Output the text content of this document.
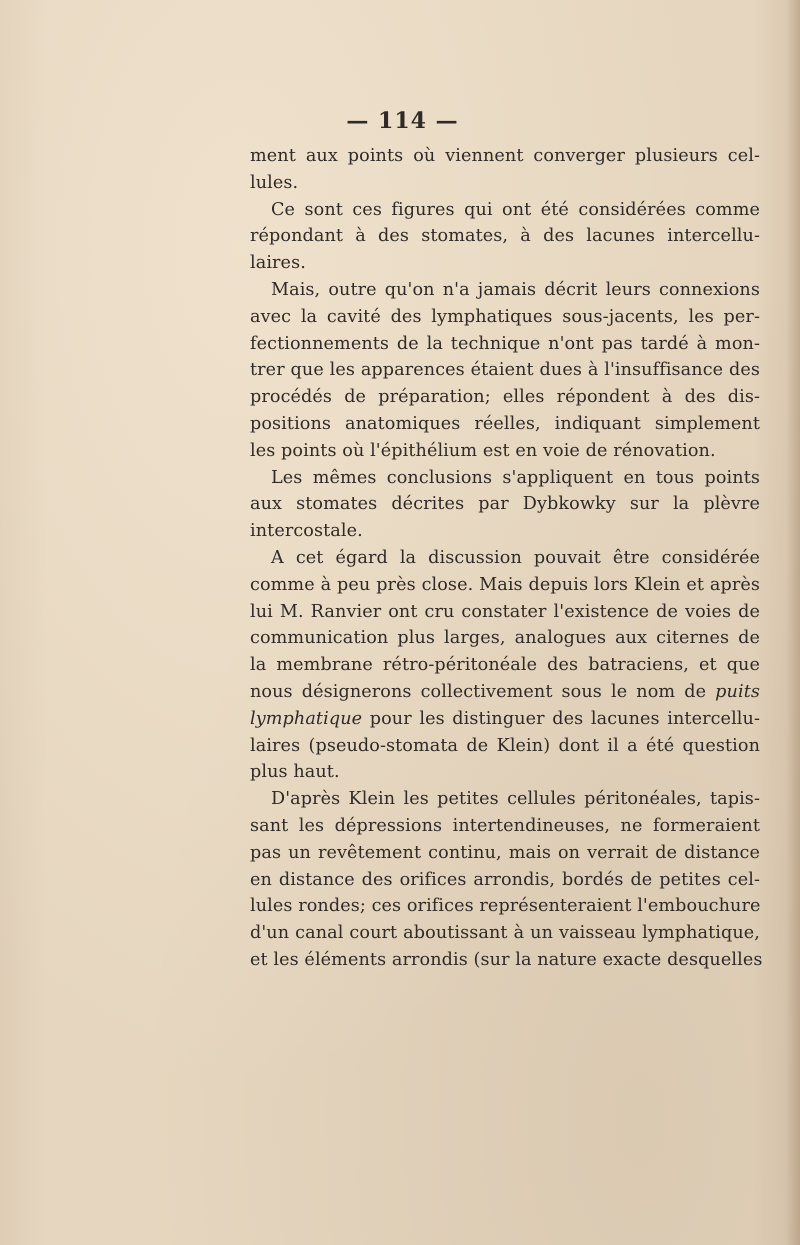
— 114 —
ment aux points où viennent converger plusieurs cel-
lules.
Ce sont ces figures qui ont été considérées comme
répondant à des stomates, à des lacunes intercellu-
laires.
Mais, outre qu'on n'a jamais décrit leurs connexions
avec la cavité des lymphatiques sous-jacents, les per-
fectionnements de la technique n'ont pas tardé à mon-
trer que les apparences étaient dues à l'insuffisance des
procédés de préparation; elles répondent à des dis-
positions anatomiques réelles, indiquant simplement
les points où l'épithélium est en voie de rénovation.
Les mêmes conclusions s'appliquent en tous points
aux stomates décrites par Dybkowky sur la plèvre
intercostale.
A cet égard la discussion pouvait être considérée
comme à peu près close. Mais depuis lors Klein et après
lui M. Ranvier ont cru constater l'existence de voies de
communication plus larges, analogues aux citernes de
la membrane rétro-péritonéale des batraciens, et que
nous désignerons collectivement sous le nom de puits
lymphatique pour les distinguer des lacunes intercellu-
laires (pseudo-stomata de Klein) dont il a été question
plus haut.
D'après Klein les petites cellules péritonéales, tapis-
sant les dépressions intertendineuses, ne formeraient
pas un revêtement continu, mais on verrait de distance
en distance des orifices arrondis, bordés de petites cel-
lules rondes; ces orifices représenteraient l'embouchure
d'un canal court aboutissant à un vaisseau lymphatique,
et les éléments arrondis (sur la nature exacte desquelles
